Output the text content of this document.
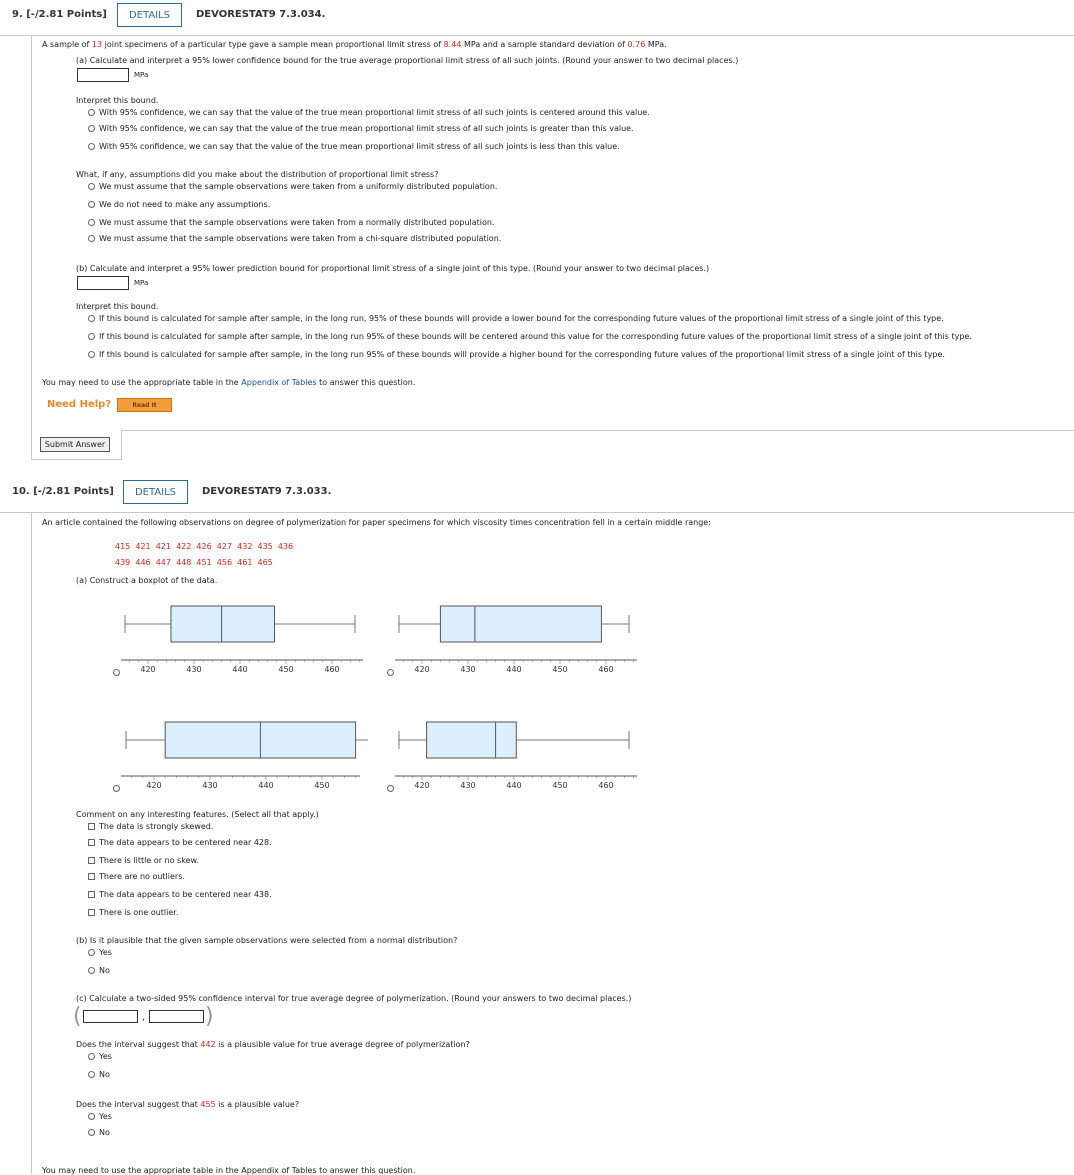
9. [-/2.81 Points]	DETAILS	DEVORESTAT9 7.3.034.
A sample of 13 joint specimens of a particular type gave a sample mean proportional limit stress of 8.44 MPa and a sample standard deviation of 0.76 MPa.
(a) Calculate and interpret a 95% lower confidence bound for the true average proportional limit stress of all such joints. (Round your answer to two decimal places.)
MPa
Interpret this bound.
With 95% confidence, we can say that the value of the true mean proportional limit stress of all such joints is centered around this value.
With 95% confidence, we can say that the value of the true mean proportional limit stress of all such joints is greater than this value.
With 95% confidence, we can say that the value of the true mean proportional limit stress of all such joints is less than this value.
What, if any, assumptions did you make about the distribution of proportional limit stress?
We must assume that the sample observations were taken from a uniformly distributed population.
We do not need to make any assumptions.
We must assume that the sample observations were taken from a normally distributed population.
We must assume that the sample observations were taken from a chi-square distributed population.
(b) Calculate and interpret a 95% lower prediction bound for proportional limit stress of a single joint of this type. (Round your answer to two decimal places.)
MPa
Interpret this bound.
If this bound is calculated for sample after sample, in the long run, 95% of these bounds will provide a lower bound for the corresponding future values of the proportional limit stress of a single joint of this type.
If this bound is calculated for sample after sample, in the long run 95% of these bounds will be centered around this value for the corresponding future values of the proportional limit stress of a single joint of this type.
If this bound is calculated for sample after sample, in the long run 95% of these bounds will provide a higher bound for the corresponding future values of the proportional limit stress of a single joint of this type.
You may need to use the appropriate table in the Appendix of Tables to answer this question.
Need Help?	Read It
Submit Answer
10. [-/2.81 Points]	DETAILS	DEVORESTAT9 7.3.033.
An article contained the following observations on degree of polymerization for paper specimens for which viscosity times concentration fell in a certain middle range:
415  421  421  422  426  427  432  435  436
439  446  447  448  451  456  461  465
(a) Construct a boxplot of the data.
420	430	440	450	460	420	430	440	450	460
420	430	440	450	420	430	440	450	460
Comment on any interesting features. (Select all that apply.)
The data is strongly skewed.
The data appears to be centered near 428.
There is little or no skew.
There are no outliers.
The data appears to be centered near 438.
There is one outlier.
(b) Is it plausible that the given sample observations were selected from a normal distribution?
Yes
No
(c) Calculate a two-sided 95% confidence interval for true average degree of polymerization. (Round your answers to two decimal places.)
(	,	)
Does the interval suggest that 442 is a plausible value for true average degree of polymerization?
Yes
No
Does the interval suggest that 455 is a plausible value?
Yes
No
You may need to use the appropriate table in the Appendix of Tables to answer this question.
